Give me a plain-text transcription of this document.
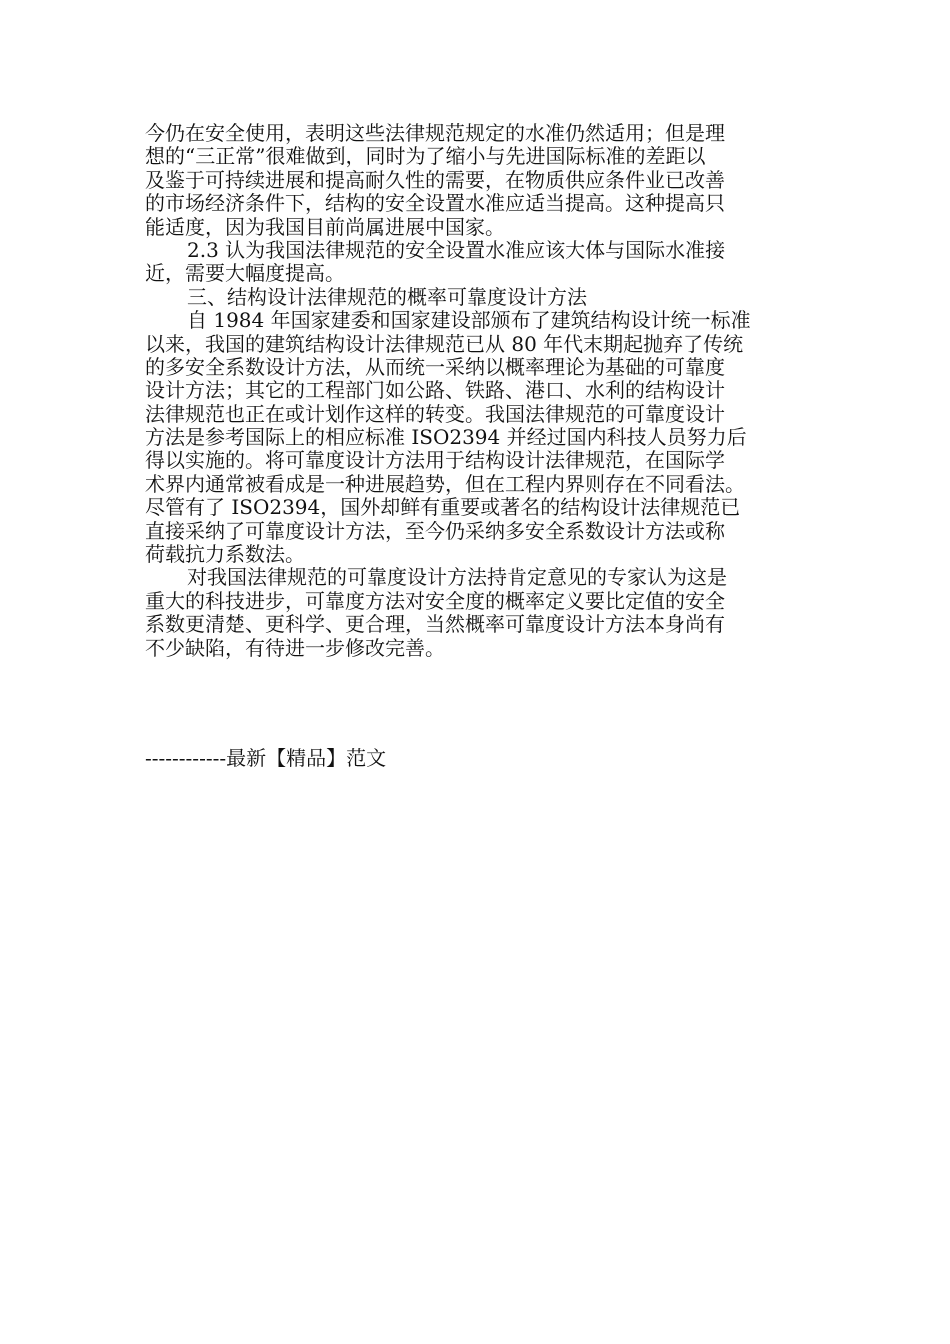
今仍在安全使用，表明这些法律规范规定的水准仍然适用；但是理
想的“三正常”很难做到，同时为了缩小与先进国际标准的差距以
及鉴于可持续进展和提高耐久性的需要，在物质供应条件业已改善
的市场经济条件下，结构的安全设置水准应适当提高。这种提高只
能适度，因为我国目前尚属进展中国家。
2.3 认为我国法律规范的安全设置水准应该大体与国际水准接
近，需要大幅度提高。
三、结构设计法律规范的概率可靠度设计方法
自 1984 年国家建委和国家建设部颁布了建筑结构设计统一标准
以来，我国的建筑结构设计法律规范已从 80 年代末期起抛弃了传统
的多安全系数设计方法，从而统一采纳以概率理论为基础的可靠度
设计方法；其它的工程部门如公路、铁路、港口、水利的结构设计
法律规范也正在或计划作这样的转变。我国法律规范的可靠度设计
方法是参考国际上的相应标准 ISO2394 并经过国内科技人员努力后
得以实施的。将可靠度设计方法用于结构设计法律规范，在国际学
术界内通常被看成是一种进展趋势，但在工程内界则存在不同看法。
尽管有了 ISO2394，国外却鲜有重要或著名的结构设计法律规范已
直接采纳了可靠度设计方法，至今仍采纳多安全系数设计方法或称
荷载抗力系数法。
对我国法律规范的可靠度设计方法持肯定意见的专家认为这是
重大的科技进步，可靠度方法对安全度的概率定义要比定值的安全
系数更清楚、更科学、更合理，当然概率可靠度设计方法本身尚有
不少缺陷，有待进一步修改完善。
------------最新【精品】范文
